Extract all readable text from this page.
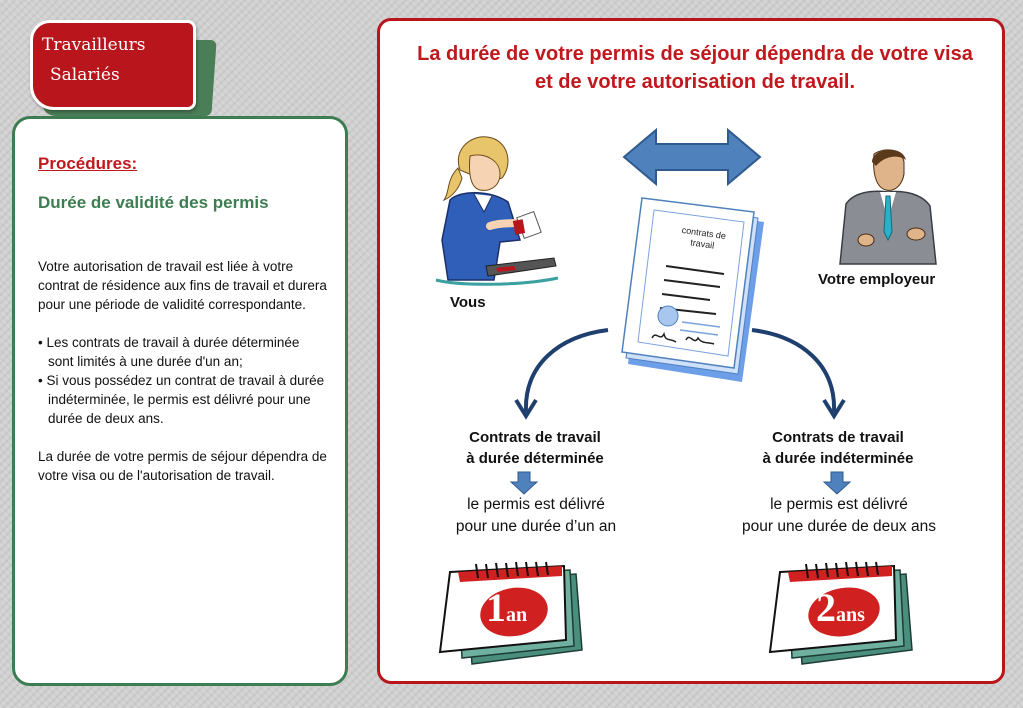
Travailleurs
Salariés
Procédures:
Durée de validité des permis

Votre autorisation de travail est liée à votre contrat de résidence aux fins de travail et durera pour une période de validité correspondante.

• Les contrats de travail à durée déterminée sont limités à une durée d'un an;

• Si vous possédez un contrat de travail à durée indéterminée, le permis est délivré pour une durée de deux ans.

La durée de votre permis de séjour dépendra de votre visa ou de l'autorisation de travail.

La durée de votre permis de séjour dépendra de votre visa et de votre autorisation de travail.
Vous
Votre employeur
contrats de travail
Contrats de travail
à durée déterminée
le permis est délivré
pour une durée d’un an
Contrats de travail
à durée indéterminée
le permis est délivré
pour une durée de deux ans
1an	2ans
